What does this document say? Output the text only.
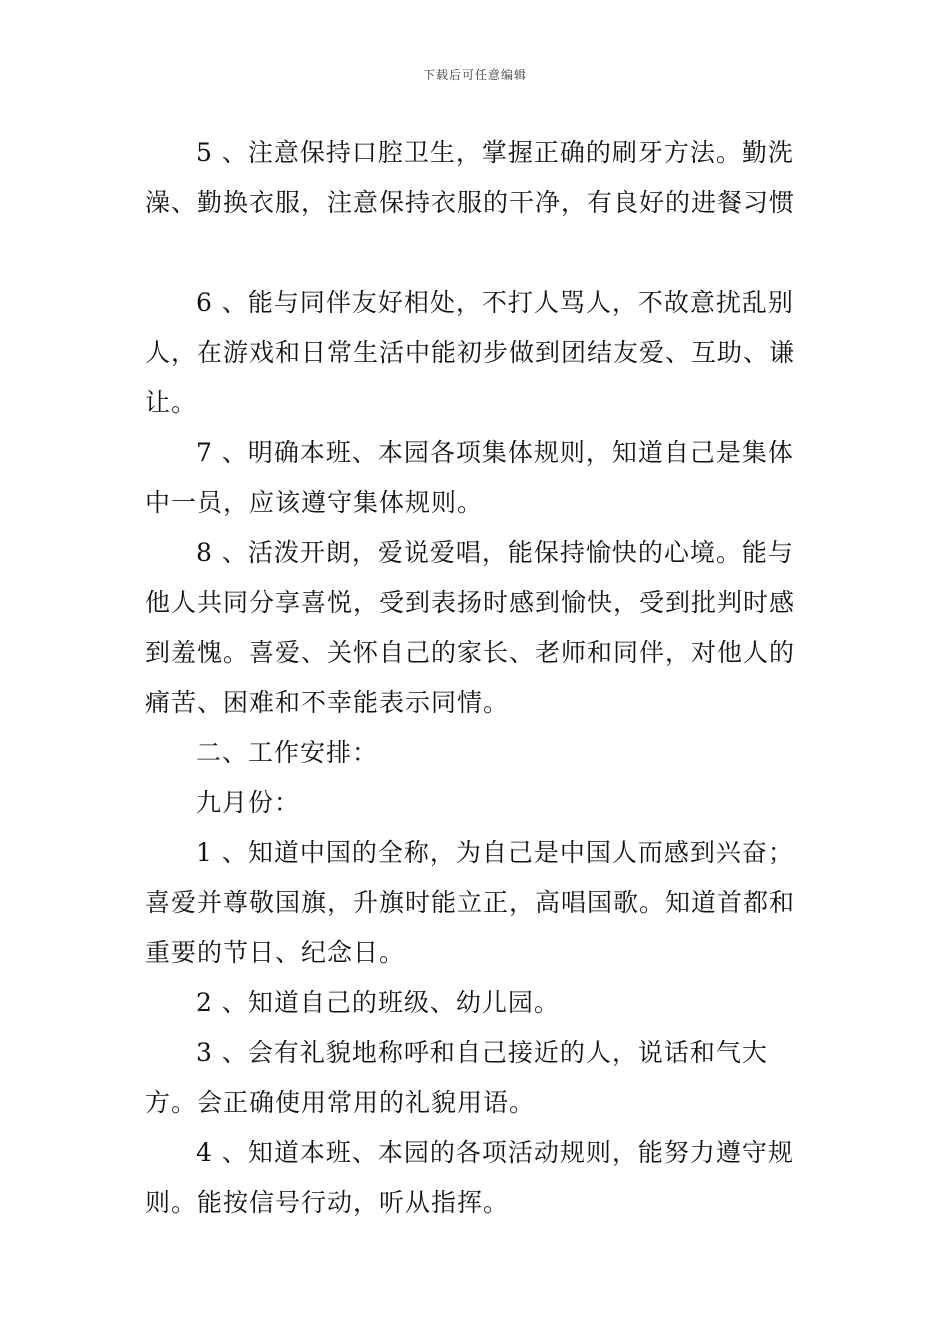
下载后可任意编辑

5 、注意保持口腔卫生，掌握正确的刷牙方法。勤洗澡、勤换衣服，注意保持衣服的干净，有良好的进餐习惯

6 、能与同伴友好相处，不打人骂人，不故意扰乱别人，在游戏和日常生活中能初步做到团结友爱、互助、谦让。

7 、明确本班、本园各项集体规则，知道自己是集体中一员，应该遵守集体规则。

8 、活泼开朗，爱说爱唱，能保持愉快的心境。能与他人共同分享喜悦，受到表扬时感到愉快，受到批判时感到羞愧。喜爱、关怀自己的家长、老师和同伴，对他人的痛苦、困难和不幸能表示同情。

二、工作安排：

九月份：

1 、知道中国的全称，为自己是中国人而感到兴奋；喜爱并尊敬国旗，升旗时能立正，高唱国歌。知道首都和重要的节日、纪念日。

2 、知道自己的班级、幼儿园。

3 、会有礼貌地称呼和自己接近的人，说话和气大方。会正确使用常用的礼貌用语。

4 、知道本班、本园的各项活动规则，能努力遵守规则。能按信号行动，听从指挥。
